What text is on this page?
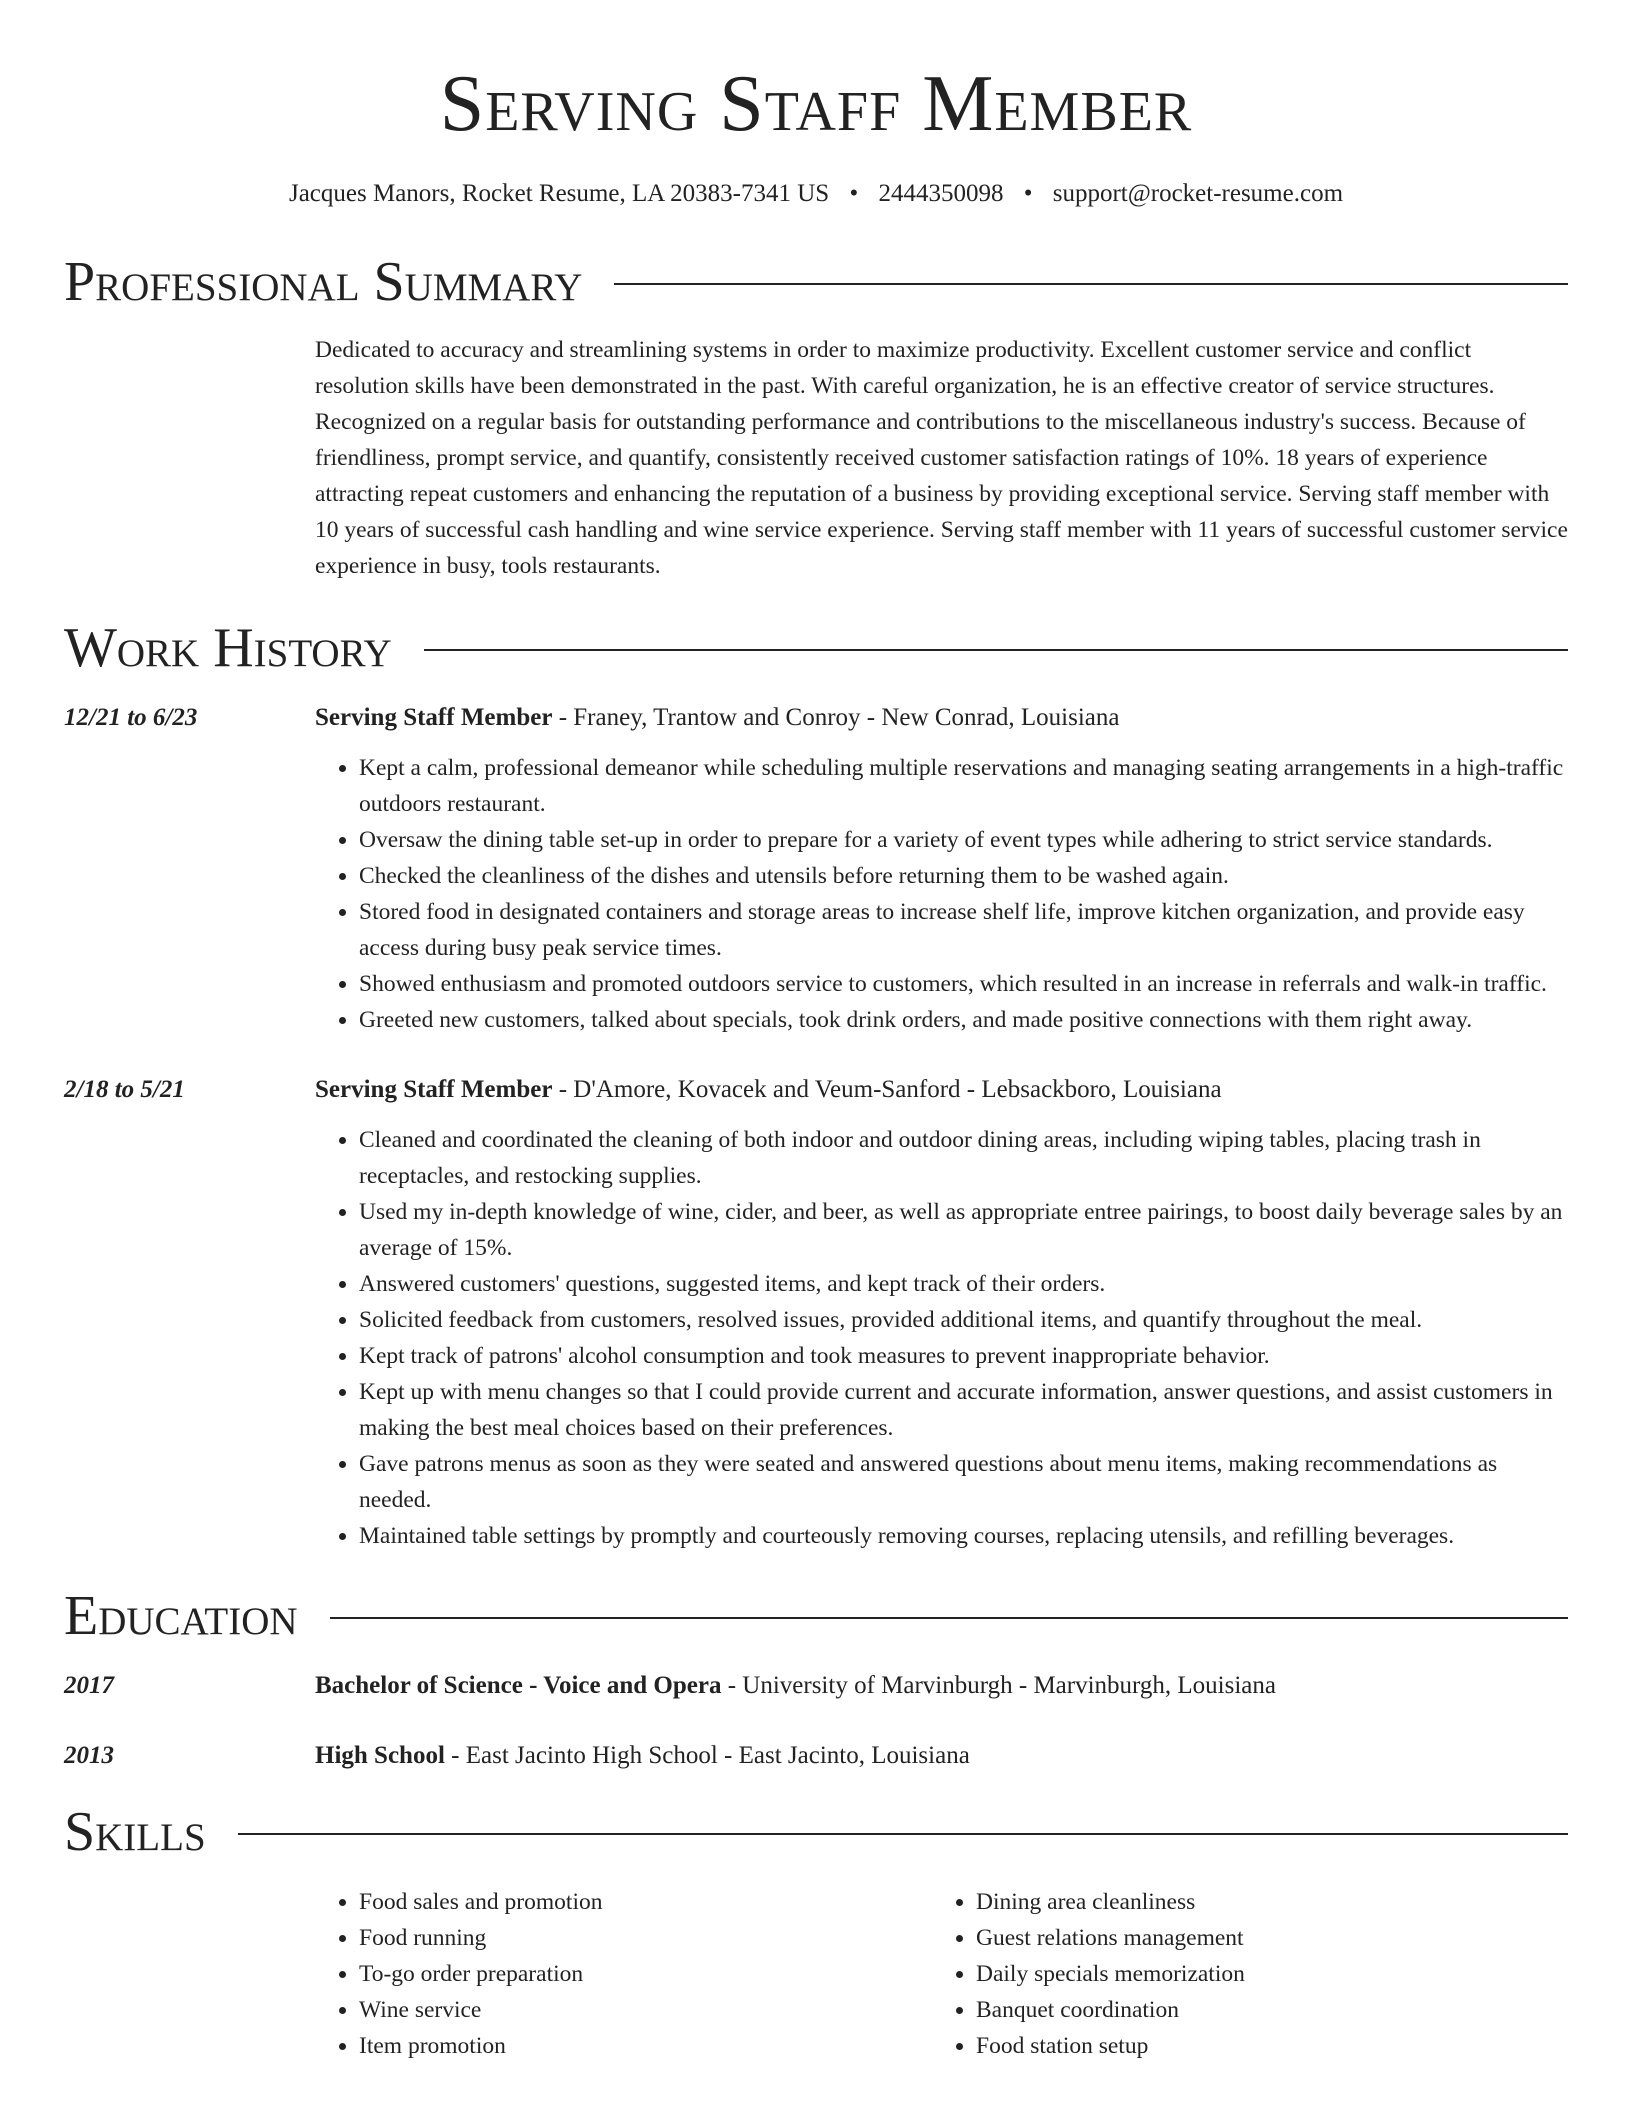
Serving Staff Member
Jacques Manors, Rocket Resume, LA 20383-7341 US • 2444350098 • support@rocket-resume.com
Professional Summary
Dedicated to accuracy and streamlining systems in order to maximize productivity. Excellent customer service and conflict resolution skills have been demonstrated in the past. With careful organization, he is an effective creator of service structures. Recognized on a regular basis for outstanding performance and contributions to the miscellaneous industry's success. Because of friendliness, prompt service, and quantify, consistently received customer satisfaction ratings of 10%. 18 years of experience attracting repeat customers and enhancing the reputation of a business by providing exceptional service. Serving staff member with 10 years of successful cash handling and wine service experience. Serving staff member with 11 years of successful customer service experience in busy, tools restaurants.
Work History
12/21 to 6/23	Serving Staff Member - Franey, Trantow and Conroy - New Conrad, Louisiana
• Kept a calm, professional demeanor while scheduling multiple reservations and managing seating arrangements in a high-traffic outdoors restaurant.
• Oversaw the dining table set-up in order to prepare for a variety of event types while adhering to strict service standards.
• Checked the cleanliness of the dishes and utensils before returning them to be washed again.
• Stored food in designated containers and storage areas to increase shelf life, improve kitchen organization, and provide easy access during busy peak service times.
• Showed enthusiasm and promoted outdoors service to customers, which resulted in an increase in referrals and walk-in traffic.
• Greeted new customers, talked about specials, took drink orders, and made positive connections with them right away.
2/18 to 5/21	Serving Staff Member - D'Amore, Kovacek and Veum-Sanford - Lebsackboro, Louisiana
• Cleaned and coordinated the cleaning of both indoor and outdoor dining areas, including wiping tables, placing trash in receptacles, and restocking supplies.
• Used my in-depth knowledge of wine, cider, and beer, as well as appropriate entree pairings, to boost daily beverage sales by an average of 15%.
• Answered customers' questions, suggested items, and kept track of their orders.
• Solicited feedback from customers, resolved issues, provided additional items, and quantify throughout the meal.
• Kept track of patrons' alcohol consumption and took measures to prevent inappropriate behavior.
• Kept up with menu changes so that I could provide current and accurate information, answer questions, and assist customers in making the best meal choices based on their preferences.
• Gave patrons menus as soon as they were seated and answered questions about menu items, making recommendations as needed.
• Maintained table settings by promptly and courteously removing courses, replacing utensils, and refilling beverages.
Education
2017	Bachelor of Science - Voice and Opera - University of Marvinburgh - Marvinburgh, Louisiana
2013	High School - East Jacinto High School - East Jacinto, Louisiana
Skills
• Food sales and promotion
• Food running
• To-go order preparation
• Wine service
• Item promotion
• Dining area cleanliness
• Guest relations management
• Daily specials memorization
• Banquet coordination
• Food station setup
